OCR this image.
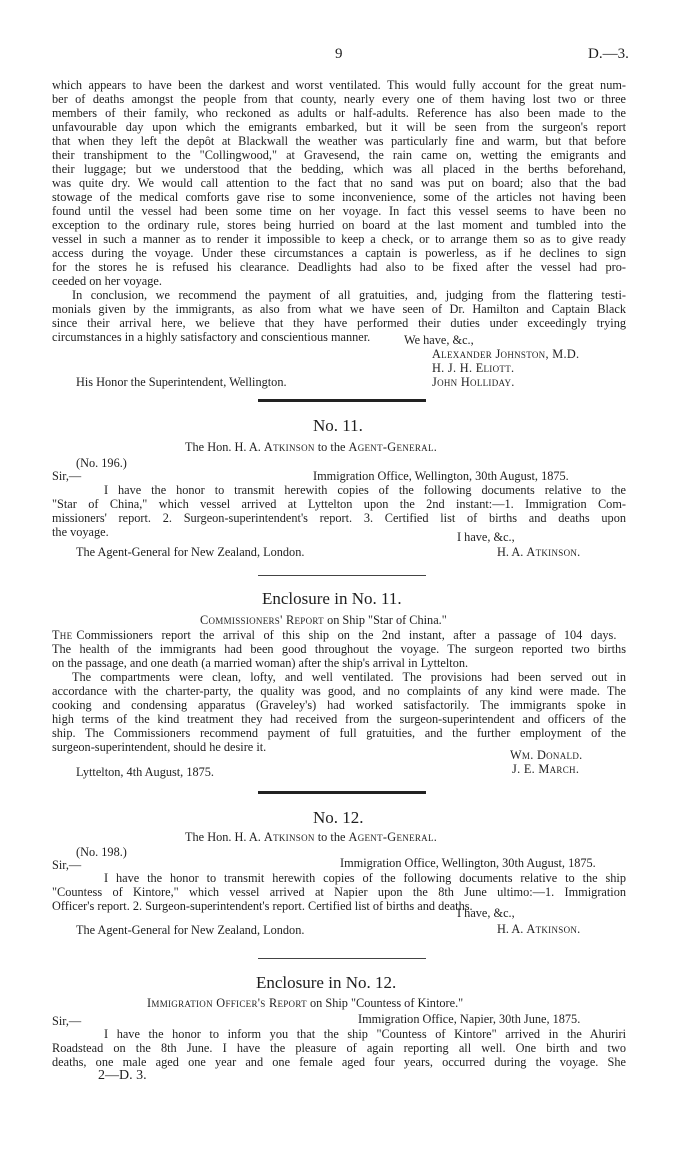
9	D.—3.
which appears to have been the darkest and worst ventilated. This would fully account for the great num-
ber of deaths amongst the people from that county, nearly every one of them having lost two or three
members of their family, who reckoned as adults or half-adults. Reference has also been made to the
unfavourable day upon which the emigrants embarked, but it will be seen from the surgeon's report
that when they left the depôt at Blackwall the weather was particularly fine and warm, but that before
their transhipment to the "Collingwood," at Gravesend, the rain came on, wetting the emigrants and
their luggage; but we understood that the bedding, which was all placed in the berths beforehand,
was quite dry. We would call attention to the fact that no sand was put on board; also that the bad
stowage of the medical comforts gave rise to some inconvenience, some of the articles not having been
found until the vessel had been some time on her voyage. In fact this vessel seems to have been no
exception to the ordinary rule, stores being hurried on board at the last moment and tumbled into the
vessel in such a manner as to render it impossible to keep a check, or to arrange them so as to give ready
access during the voyage. Under these circumstances a captain is powerless, as if he declines to sign
for the stores he is refused his clearance. Deadlights had also to be fixed after the vessel had pro-
ceeded on her voyage.
In conclusion, we recommend the payment of all gratuities, and, judging from the flattering testi-
monials given by the immigrants, as also from what we have seen of Dr. Hamilton and Captain Black
since their arrival here, we believe that they have performed their duties under exceedingly trying
circumstances in a highly satisfactory and conscientious manner.	We have, &c.,
Alexander Johnston, M.D.
H. J. H. Eliott.
John Holliday.
His Honor the Superintendent, Wellington.
No. 11.
The Hon. H. A. Atkinson to the Agent-General.
(No. 196.)
Sir,—	Immigration Office, Wellington, 30th August, 1875.
I have the honor to transmit herewith copies of the following documents relative to the
"Star of China," which vessel arrived at Lyttelton upon the 2nd instant:—1. Immigration Com-
missioners' report. 2. Surgeon-superintendent's report. 3. Certified list of births and deaths upon
the voyage.	I have, &c.,
The Agent-General for New Zealand, London.	H. A. Atkinson.
Enclosure in No. 11.
Commissioners' Report on Ship "Star of China."
The Commissioners report the arrival of this ship on the 2nd instant, after a passage of 104 days.
The health of the immigrants had been good throughout the voyage. The surgeon reported two births
on the passage, and one death (a married woman) after the ship's arrival in Lyttelton.
The compartments were clean, lofty, and well ventilated. The provisions had been served out in
accordance with the charter-party, the quality was good, and no complaints of any kind were made. The
cooking and condensing apparatus (Graveley's) had worked satisfactorily. The immigrants spoke in
high terms of the kind treatment they had received from the surgeon-superintendent and officers of the
ship. The Commissioners recommend payment of full gratuities, and the further employment of the
surgeon-superintendent, should he desire it.
Wm. Donald.
J. E. March.
Lyttelton, 4th August, 1875.
No. 12.
The Hon. H. A. Atkinson to the Agent-General.
(No. 198.)
Sir,—	Immigration Office, Wellington, 30th August, 1875.
I have the honor to transmit herewith copies of the following documents relative to the ship
"Countess of Kintore," which vessel arrived at Napier upon the 8th June ultimo:—1. Immigration
Officer's report. 2. Surgeon-superintendent's report. Certified list of births and deaths.
I have, &c.,
The Agent-General for New Zealand, London.	H. A. Atkinson.
Enclosure in No. 12.
Immigration Officer's Report on Ship "Countess of Kintore."
Sir,—	Immigration Office, Napier, 30th June, 1875.
I have the honor to inform you that the ship "Countess of Kintore" arrived in the Ahuriri
Roadstead on the 8th June. I have the pleasure of again reporting all well. One birth and two
deaths, one male aged one year and one female aged four years, occurred during the voyage. She
2—D. 3.
